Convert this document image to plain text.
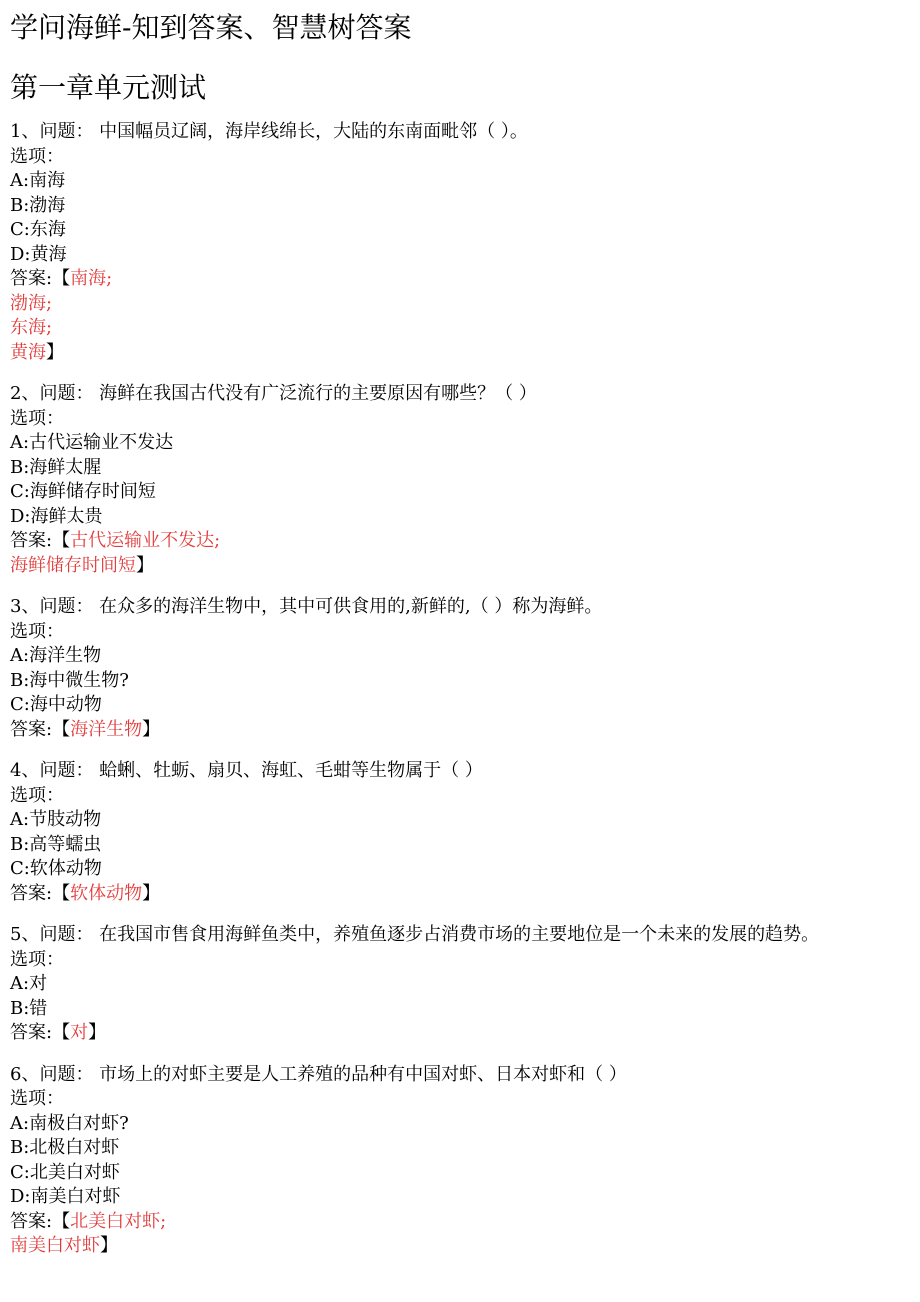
学问海鲜-知到答案、智慧树答案
第一章单元测试
1、问题： 中国幅员辽阔，海岸线绵长，大陆的东南面毗邻（ ）。
选项：
A:南海
B:渤海
C:东海
D:黄海
答案:【南海;
渤海;
东海;
黄海】
2、问题： 海鲜在我国古代没有广泛流行的主要原因有哪些？（ ）
选项：
A:古代运输业不发达
B:海鲜太腥
C:海鲜储存时间短
D:海鲜太贵
答案:【古代运输业不发达;
海鲜储存时间短】
3、问题： 在众多的海洋生物中，其中可供食用的,新鲜的,（ ）称为海鲜。
选项：
A:海洋生物
B:海中微生物?
C:海中动物
答案:【海洋生物】
4、问题： 蛤蜊、牡蛎、扇贝、海虹、毛蚶等生物属于（ ）
选项：
A:节肢动物
B:高等蠕虫
C:软体动物
答案:【软体动物】
5、问题： 在我国市售食用海鲜鱼类中，养殖鱼逐步占消费市场的主要地位是一个未来的发展的趋势。
选项：
A:对
B:错
答案:【对】
6、问题： 市场上的对虾主要是人工养殖的品种有中国对虾、日本对虾和（ ）
选项：
A:南极白对虾?
B:北极白对虾
C:北美白对虾
D:南美白对虾
答案:【北美白对虾;
南美白对虾】
